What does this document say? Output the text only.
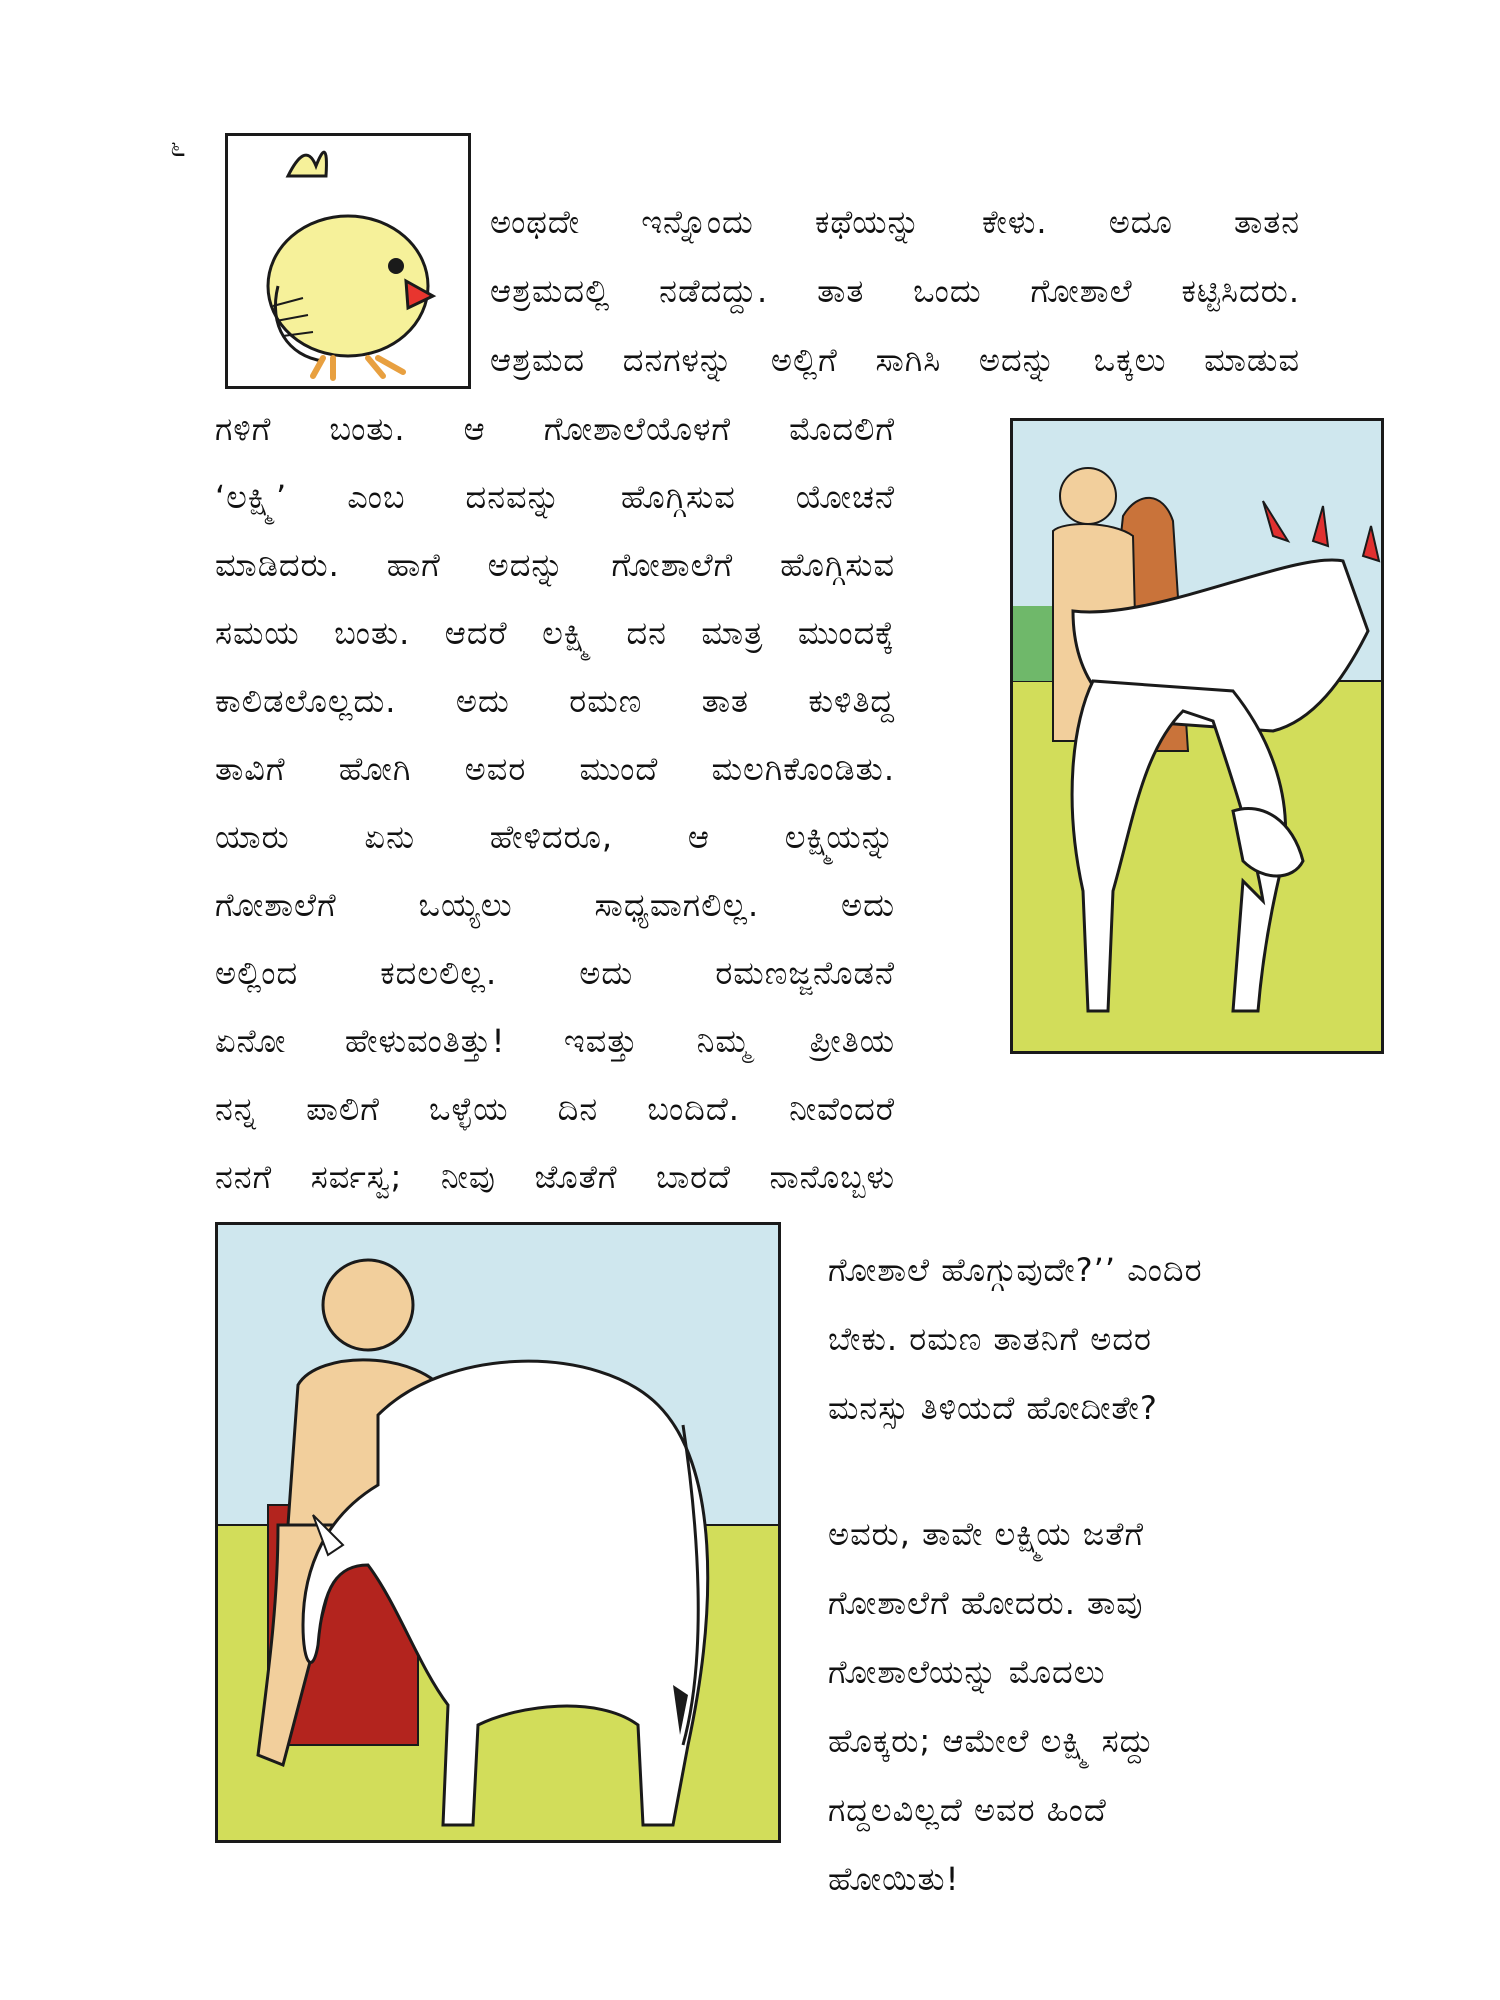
೬
ಅಂಥದೇ ಇನ್ನೊಂದು ಕಥೆಯನ್ನು ಕೇಳು. ಅದೂ ತಾತನ
ಆಶ್ರಮದಲ್ಲಿ ನಡೆದದ್ದು. ತಾತ ಒಂದು ಗೋಶಾಲೆ ಕಟ್ಟಿಸಿದರು.
ಆಶ್ರಮದ ದನಗಳನ್ನು ಅಲ್ಲಿಗೆ ಸಾಗಿಸಿ ಅದನ್ನು ಒಕ್ಕಲು ಮಾಡುವ
ಗಳಿಗೆ ಬಂತು. ಆ ಗೋಶಾಲೆಯೊಳಗೆ ಮೊದಲಿಗೆ
‘ಲಕ್ಷ್ಮಿ’ ಎಂಬ ದನವನ್ನು ಹೊಗ್ಗಿಸುವ ಯೋಚನೆ
ಮಾಡಿದರು. ಹಾಗೆ ಅದನ್ನು ಗೋಶಾಲೆಗೆ ಹೊಗ್ಗಿಸುವ
ಸಮಯ ಬಂತು. ಆದರೆ ಲಕ್ಷ್ಮಿ ದನ ಮಾತ್ರ ಮುಂದಕ್ಕೆ
ಕಾಲಿಡಲೊಲ್ಲದು. ಅದು ರಮಣ ತಾತ ಕುಳಿತಿದ್ದ
ತಾವಿಗೆ ಹೋಗಿ ಅವರ ಮುಂದೆ ಮಲಗಿಕೊಂಡಿತು.
ಯಾರು ಏನು ಹೇಳಿದರೂ, ಆ ಲಕ್ಷ್ಮಿಯನ್ನು
ಗೋಶಾಲೆಗೆ ಒಯ್ಯಲು ಸಾಧ್ಯವಾಗಲಿಲ್ಲ. ಅದು
ಅಲ್ಲಿಂದ ಕದಲಲಿಲ್ಲ. ಅದು ರಮಣಜ್ಜನೊಡನೆ
ಏನೋ ಹೇಳುವಂತಿತ್ತು! ಇವತ್ತು ನಿಮ್ಮ ಪ್ರೀತಿಯ
ನನ್ನ ಪಾಲಿಗೆ ಒಳ್ಳೆಯ ದಿನ ಬಂದಿದೆ. ನೀವೆಂದರೆ
ನನಗೆ ಸರ್ವಸ್ವ; ನೀವು ಜೊತೆಗೆ ಬಾರದೆ ನಾನೊಬ್ಬಳು
ಗೋಶಾಲೆ ಹೊಗ್ಗುವುದೇ?’’ ಎಂದಿರ
ಬೇಕು. ರಮಣ ತಾತನಿಗೆ ಅದರ
ಮನಸ್ಸು ತಿಳಿಯದೆ ಹೋದೀತೇ?
ಅವರು, ತಾವೇ ಲಕ್ಷ್ಮಿಯ ಜತೆಗೆ
ಗೋಶಾಲೆಗೆ ಹೋದರು. ತಾವು
ಗೋಶಾಲೆಯನ್ನು ಮೊದಲು
ಹೊಕ್ಕರು; ಆಮೇಲೆ ಲಕ್ಷ್ಮಿ ಸದ್ದು
ಗದ್ದಲವಿಲ್ಲದೆ ಅವರ ಹಿಂದೆ
ಹೋಯಿತು!
